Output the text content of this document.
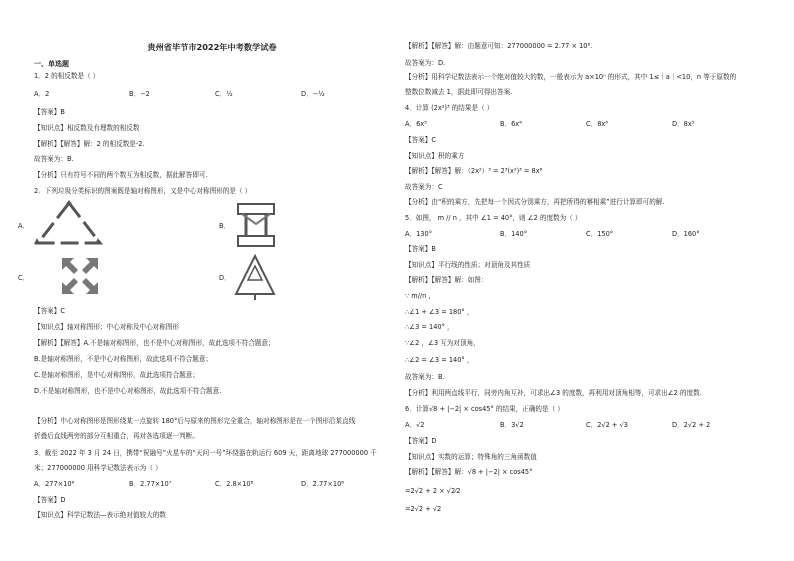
贵州省毕节市2022年中考数学试卷
一、单选题
1．2 的相反数是（ ）
A．2	B．−2	C．½	D．−½
【答案】B
【知识点】相反数及有理数的相反数
【解析】【解答】解：2 的相反数是-2.
故答案为：B.
【分析】只有符号不同的两个数互为相反数，据此解答即可.
2．下列垃圾分类标识的图案既是轴对称图形，又是中心对称图形的是（ ）
A．	B．
C．	D．
【答案】C
【知识点】轴对称图形；中心对称及中心对称图形
【解析】【解答】A.不是轴对称图形，也不是中心对称图形，故此选项不符合题意；
B.是轴对称图形，不是中心对称图形，故此选项不符合题意；
C.是轴对称图形，是中心对称图形，故此选项符合题意；
D.不是轴对称图形，也不是中心对称图形，故此选项不符合题意.
【分析】中心对称图形是图形绕某一点旋转 180°后与原来的图形完全重合，轴对称图形是在一个图形沿某直线
折叠后直线两旁的部分互相重合，再对各选项逐一判断。
3．截至 2022 年 3 月 24 日，携带“祝融号”火星车的“天问一号”环绕器在轨运行 609 天，距离地球 277000000 千
米；277000000 用科学记数法表示为（ ）
A．277×10⁶	B．2.77×10⁷	C．2.8×10⁸	D．2.77×10⁸
【答案】D
【知识点】科学记数法—表示绝对值较大的数
【解析】【解答】解：由题意可知：277000000 = 2.77 × 10⁸.
故答案为：D.
【分析】用科学记数法表示一个绝对值较大的数，一般表示为 a×10ⁿ 的形式，其中 1≤｜a｜<10，n 等于原数的
整数位数减去 1，据此即可得出答案.
4．计算 (2x²)³ 的结果是（ ）
A．6x⁵	B．6x⁶	C．8x⁶	D．8x⁵
【答案】C
【知识点】积的乘方
【解析】【解答】解：（2x²）³ = 2³(x²)³ = 8x⁶
故答案为：C
【分析】由“积的乘方，先把每一个因式分别乘方，再把所得的幂相乘”进行计算即可的解.
5．如图， m // n ，其中 ∠1 = 40°，则 ∠2 的度数为（ ）
A．130°	B．140°	C．150°	D．160°
【答案】B
【知识点】平行线的性质；对顶角及其性质
【解析】【解答】解：如图：
∵ m//n ,
∴∠1 + ∠3 = 180° ，
∴∠3 = 140° ，
∵∠2 ，∠3 互为对顶角，
∴∠2 = ∠3 = 140° ，
故答案为：B.
【分析】利用两直线平行，同旁内角互补，可求出∠3 的度数，再利用对顶角相等，可求出∠2 的度数.
6．计算√8 + |−2| × cos45° 的结果，正确的是（ ）
A．√2	B．3√2	C．2√2 + √3	D．2√2 + 2
【答案】D
【知识点】实数的运算；特殊角的三角函数值
【解析】【解答】解：√8 + |−2| × cos45°
=2√2 + 2 × √2⁄2
=2√2 + √2
